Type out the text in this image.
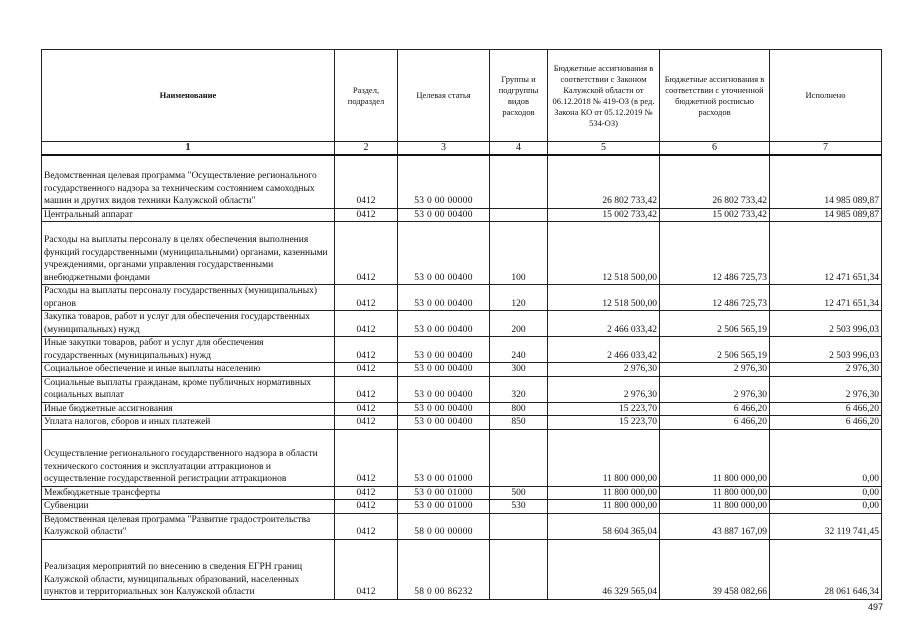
Наименование	Раздел, подраздел	Целевая статья	Группы и подгруппы видов расходов	Бюджетные ассигнования в соответствии с Законом Калужской области от 06.12.2018 № 419-ОЗ (в ред. Закона КО от 05.12.2019 № 534-ОЗ)	Бюджетные ассигнования в соответствии с уточненной бюджетной росписью расходов	Исполнено
1	2	3	4	5	6	7
Ведомственная целевая программа "Осуществление регионального государственного надзора за техническим состоянием самоходных машин и других видов техники Калужской области"	0412	53 0 00 00000		26 802 733,42	26 802 733,42	14 985 089,87
Центральный аппарат	0412	53 0 00 00400		15 002 733,42	15 002 733,42	14 985 089,87
Расходы на выплаты персоналу в целях обеспечения выполнения функций государственными (муниципальными) органами, казенными учреждениями, органами управления государственными внебюджетными фондами	0412	53 0 00 00400	100	12 518 500,00	12 486 725,73	12 471 651,34
Расходы на выплаты персоналу государственных (муниципальных) органов	0412	53 0 00 00400	120	12 518 500,00	12 486 725,73	12 471 651,34
Закупка товаров, работ и услуг для обеспечения государственных (муниципальных) нужд	0412	53 0 00 00400	200	2 466 033,42	2 506 565,19	2 503 996,03
Иные закупки товаров, работ и услуг для обеспечения государственных (муниципальных) нужд	0412	53 0 00 00400	240	2 466 033,42	2 506 565,19	2 503 996,03
Социальное обеспечение и иные выплаты населению	0412	53 0 00 00400	300	2 976,30	2 976,30	2 976,30
Социальные выплаты гражданам, кроме публичных нормативных социальных выплат	0412	53 0 00 00400	320	2 976,30	2 976,30	2 976,30
Иные бюджетные ассигнования	0412	53 0 00 00400	800	15 223,70	6 466,20	6 466,20
Уплата налогов, сборов и иных платежей	0412	53 0 00 00400	850	15 223,70	6 466,20	6 466,20
Осуществление регионального государственного надзора в области технического состояния и эксплуатации аттракционов и осуществление государственной регистрации аттракционов	0412	53 0 00 01000		11 800 000,00	11 800 000,00	0,00
Межбюджетные трансферты	0412	53 0 00 01000	500	11 800 000,00	11 800 000,00	0,00
Субвенции	0412	53 0 00 01000	530	11 800 000,00	11 800 000,00	0,00
Ведомственная целевая программа "Развитие градостроительства Калужской области"	0412	58 0 00 00000		58 604 365,04	43 887 167,09	32 119 741,45
Реализация мероприятий по внесению в сведения ЕГРН границ Калужской области, муниципальных образований, населенных пунктов и территориальных зон Калужской области	0412	58 0 00 86232		46 329 565,04	39 458 082,66	28 061 646,34
497
